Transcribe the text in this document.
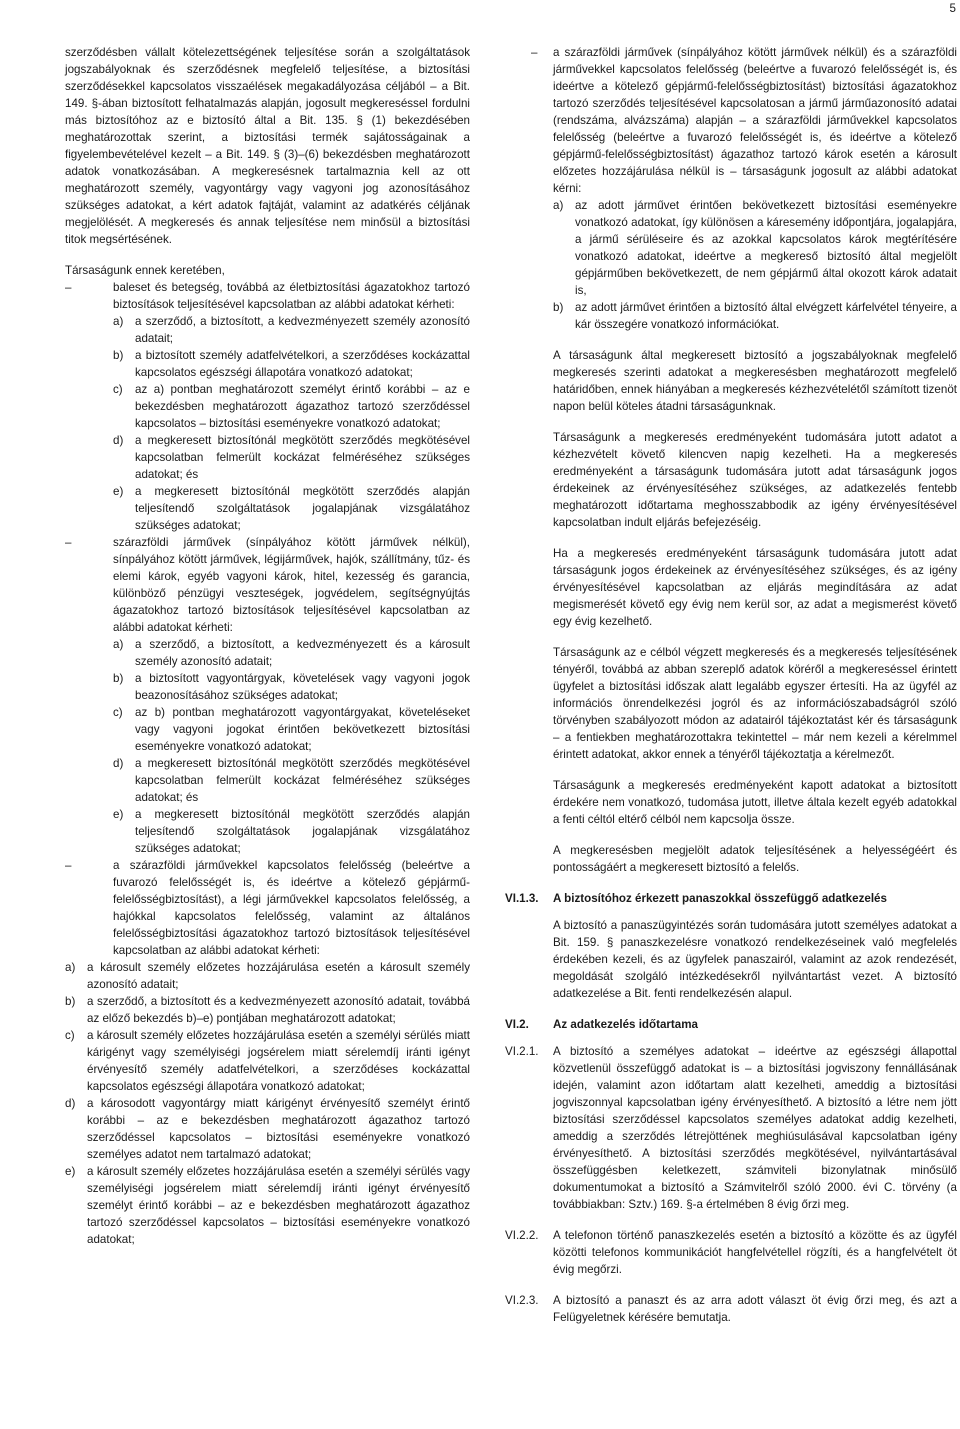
5

szerződésben vállalt kötelezettségének teljesítése során a szolgáltatások jogszabályoknak és szerződésnek megfelelő teljesítése, a biztosítási szerződésekkel kapcsolatos visszaélések megakadályozása céljából – a Bit. 149. §-ában biztosított felhatalmazás alapján, jogosult megkereséssel fordulni más biztosítóhoz az e biztosító által a Bit. 135. § (1) bekezdésében meghatározottak szerint, a biztosítási termék sajátosságainak a figyelembevételével kezelt – a Bit. 149. § (3)–(6) bekezdésben meghatározott adatok vonatkozásában. A megkeresésnek tartalmaznia kell az ott meghatározott személy, vagyontárgy vagy vagyoni jog azonosításához szükséges adatokat, a kért adatok fajtáját, valamint az adatkérés céljának megjelölését. A megkeresés és annak teljesítése nem minősül a biztosítási titok megsértésének.

Társaságunk ennek keretében,

–	baleset és betegség, továbbá az életbiztosítási ágazatokhoz tartozó biztosítások teljesítésével kapcsolatban az alábbi adatokat kérheti:
a)	a szerződő, a biztosított, a kedvezményezett személy azonosító adatait;
b)	a biztosított személy adatfelvételkori, a szerződéses kockázattal kapcsolatos egészségi állapotára vonatkozó adatokat;
c)	az a) pontban meghatározott személyt érintő korábbi – az e bekezdésben meghatározott ágazathoz tartozó szerződéssel kapcsolatos – biztosítási eseményekre vonatkozó adatokat;
d)	a megkeresett biztosítónál megkötött szerződés megkötésével kapcsolatban felmerült kockázat felméréséhez szükséges adatokat; és
e)	a megkeresett biztosítónál megkötött szerződés alapján teljesítendő szolgáltatások jogalapjának vizsgálatához szükséges adatokat;
–	szárazföldi járművek (sínpályához kötött járművek nélkül), sínpályához kötött járművek, légijárművek, hajók, szállítmány, tűz- és elemi károk, egyéb vagyoni károk, hitel, kezesség és garancia, különböző pénzügyi veszteségek, jogvédelem, segítségnyújtás ágazatokhoz tartozó biztosítások teljesítésével kapcsolatban az alábbi adatokat kérheti:
a)	a szerződő, a biztosított, a kedvezményezett és a károsult személy azonosító adatait;
b)	a biztosított vagyontárgyak, követelések vagy vagyoni jogok beazonosításához szükséges adatokat;
c)	az b) pontban meghatározott vagyontárgyakat, követeléseket vagy vagyoni jogokat érintően bekövetkezett biztosítási eseményekre vonatkozó adatokat;
d)	a megkeresett biztosítónál megkötött szerződés megkötésével kapcsolatban felmerült kockázat felméréséhez szükséges adatokat; és
e)	a megkeresett biztosítónál megkötött szerződés alapján teljesítendő szolgáltatások jogalapjának vizsgálatához szükséges adatokat;
–	a szárazföldi járművekkel kapcsolatos felelősség (beleértve a fuvarozó felelősségét is, és ideértve a kötelező gépjármű-felelősségbiztosítást), a légi járművekkel kapcsolatos felelősség, a hajókkal kapcsolatos felelősség, valamint az általános felelősségbiztosítási ágazatokhoz tartozó biztosítások teljesítésével kapcsolatban az alábbi adatokat kérheti:
a)	a károsult személy előzetes hozzájárulása esetén a károsult személy azonosító adatait;
b)	a szerződő, a biztosított és a kedvezményezett azonosító adatait, továbbá az előző bekezdés b)–e) pontjában meghatározott adatokat;
c)	a károsult személy előzetes hozzájárulása esetén a személyi sérülés miatt kárigényt vagy személyiségi jogsérelem miatt sérelemdíj iránti igényt érvényesítő személy adatfelvételkori, a szerződéses kockázattal kapcsolatos egészségi állapotára vonatkozó adatokat;
d)	a károsodott vagyontárgy miatt kárigényt érvényesítő személyt érintő korábbi – az e bekezdésben meghatározott ágazathoz tartozó szerződéssel kapcsolatos – biztosítási eseményekre vonatkozó személyes adatot nem tartalmazó adatokat;
e)	a károsult személy előzetes hozzájárulása esetén a személyi sérülés vagy személyiségi jogsérelem miatt sérelemdíj iránti igényt érvényesítő személyt érintő korábbi – az e bekezdésben meghatározott ágazathoz tartozó szerződéssel kapcsolatos – biztosítási eseményekre vonatkozó adatokat;
–	a szárazföldi járművek (sínpályához kötött járművek nélkül) és a szárazföldi járművekkel kapcsolatos felelősség (beleértve a fuvarozó felelősségét is, és ideértve a kötelező gépjármű-felelősségbiztosítást) biztosítási ágazatokhoz tartozó szerződés teljesítésével kapcsolatosan a jármű járműazonosító adatai (rendszáma, alvázszáma) alapján – a szárazföldi járművekkel kapcsolatos felelősség (beleértve a fuvarozó felelősségét is, és ideértve a kötelező gépjármű-felelősségbiztosítást) ágazathoz tartozó károk esetén a károsult előzetes hozzájárulása nélkül is – társaságunk jogosult az alábbi adatokat kérni:
a)	az adott járművet érintően bekövetkezett biztosítási eseményekre vonatkozó adatokat, így különösen a káresemény időpontjára, jogalapjára, a jármű sérüléseire és az azokkal kapcsolatos károk megtérítésére vonatkozó adatokat, ideértve a megkereső biztosító által megjelölt gépjárműben bekövetkezett, de nem gépjármű által okozott károk adatait is,
b)	az adott járművet érintően a biztosító által elvégzett kárfelvétel tényeire, a kár összegére vonatkozó információkat.

A társaságunk által megkeresett biztosító a jogszabályoknak megfelelő megkeresés szerinti adatokat a megkeresésben meghatározott megfelelő határidőben, ennek hiányában a megkeresés kézhezvételétől számított tizenöt napon belül köteles átadni társaságunknak.

Társaságunk a megkeresés eredményeként tudomására jutott adatot a kézhezvételt követő kilencven napig kezelheti. Ha a megkeresés eredményeként a társaságunk tudomására jutott adat társaságunk jogos érdekeinek az érvényesítéséhez szükséges, az adatkezelés fentebb meghatározott időtartama meghosszabbodik az igény érvényesítésével kapcsolatban indult eljárás befejezéséig.

Ha a megkeresés eredményeként társaságunk tudomására jutott adat társaságunk jogos érdekeinek az érvényesítéséhez szükséges, és az igény érvényesítésével kapcsolatban az eljárás megindítására az adat megismerését követő egy évig nem kerül sor, az adat a megismerést követő egy évig kezelhető.

Társaságunk az e célból végzett megkeresés és a megkeresés teljesítésének tényéről, továbbá az abban szereplő adatok köréről a megkereséssel érintett ügyfelet a biztosítási időszak alatt legalább egyszer értesíti. Ha az ügyfél az információs önrendelkezési jogról és az információszabadságról szóló törvényben szabályozott módon az adatairól tájékoztatást kér és társaságunk – a fentiekben meghatározottakra tekintettel – már nem kezeli a kérelmmel érintett adatokat, akkor ennek a tényéről tájékoztatja a kérelmezőt.

Társaságunk a megkeresés eredményeként kapott adatokat a biztosított érdekére nem vonatkozó, tudomása jutott, illetve általa kezelt egyéb adatokkal a fenti céltól eltérő célból nem kapcsolja össze.

A megkeresésben megjelölt adatok teljesítésének a helyességéért és pontosságáért a megkeresett biztosító a felelős.

VI.1.3.	A biztosítóhoz érkezett panaszokkal összefüggő adatkezelés

A biztosító a panaszügyintézés során tudomására jutott személyes adatokat a Bit. 159. § panaszkezelésre vonatkozó rendelkezéseinek való megfelelés érdekében kezeli, és az ügyfelek panaszairól, valamint az azok rendezését, megoldását szolgáló intézkedésekről nyilvántartást vezet. A biztosító adatkezelése a Bit. fenti rendelkezésén alapul.

VI.2.	Az adatkezelés időtartama
VI.2.1.	A biztosító a személyes adatokat – ideértve az egészségi állapottal közvetlenül összefüggő adatokat is – a biztosítási jogviszony fennállásának idején, valamint azon időtartam alatt kezelheti, ameddig a biztosítási jogviszonnyal kapcsolatban igény érvényesíthető. A biztosító a létre nem jött biztosítási szerződéssel kapcsolatos személyes adatokat addig kezelheti, ameddig a szerződés létrejöttének meghiúsulásával kapcsolatban igény érvényesíthető. A biztosítási szerződés megkötésével, nyilvántartásával összefüggésben keletkezett, számviteli bizonylatnak minősülő dokumentumokat a biztosító a Számvitelről szóló 2000. évi C. törvény (a továbbiakban: Sztv.) 169. §-a értelmében 8 évig őrzi meg.
VI.2.2.	A telefonon történő panaszkezelés esetén a biztosító a közötte és az ügyfél közötti telefonos kommunikációt hangfelvétellel rögzíti, és a hangfelvételt öt évig megőrzi.
VI.2.3.	A biztosító a panaszt és az arra adott választ öt évig őrzi meg, és azt a Felügyeletnek kérésére bemutatja.
